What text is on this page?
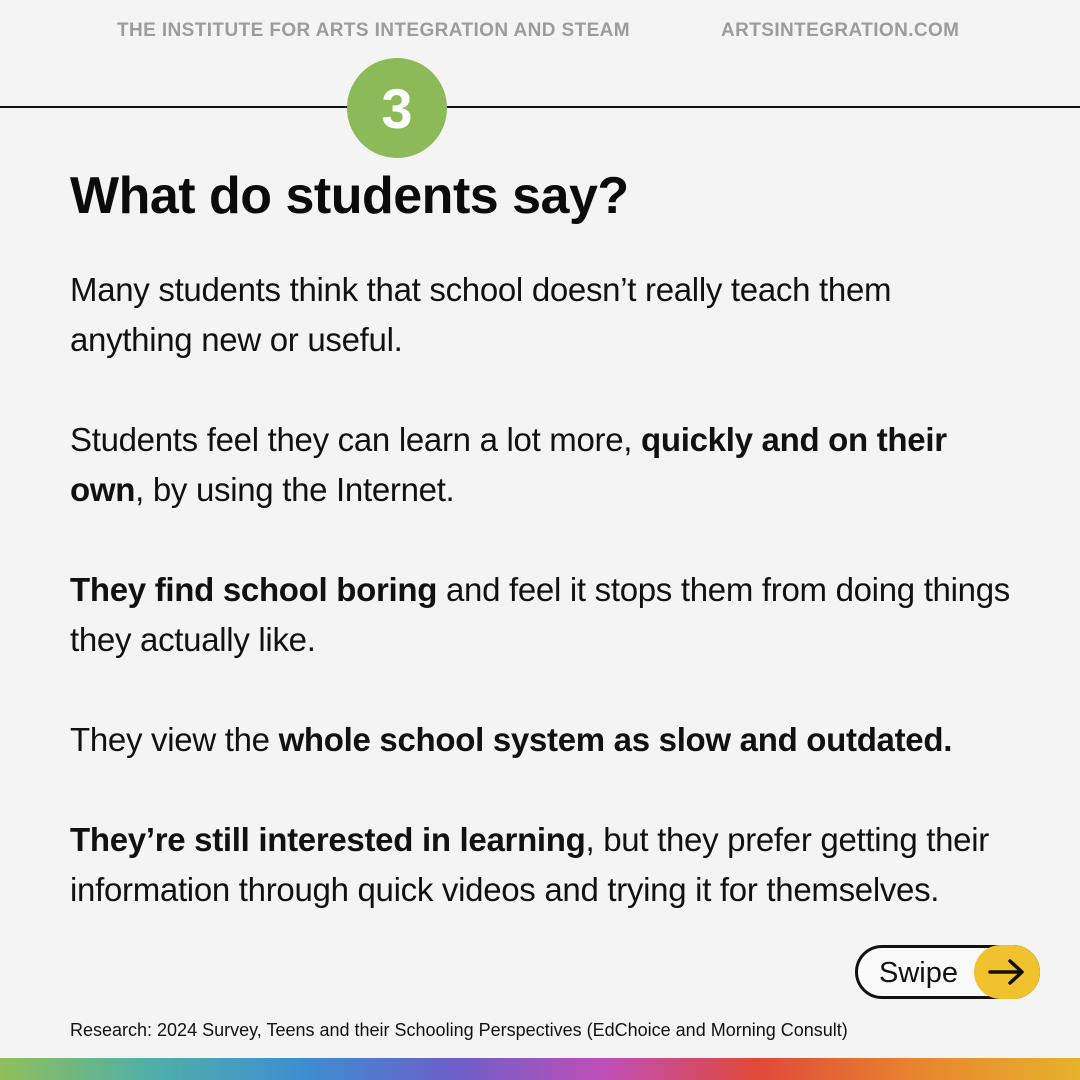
THE INSTITUTE FOR ARTS INTEGRATION AND STEAM	ARTSINTEGRATION.COM
3
What do students say?

Many students think that school doesn’t really teach them anything new or useful.

Students feel they can learn a lot more, quickly and on their own, by using the Internet.

They find school boring and feel it stops them from doing things they actually like.

They view the whole school system as slow and outdated.

They’re still interested in learning, but they prefer getting their information through quick videos and trying it for themselves.

Swipe
Research: 2024 Survey, Teens and their Schooling Perspectives (EdChoice and Morning Consult)
